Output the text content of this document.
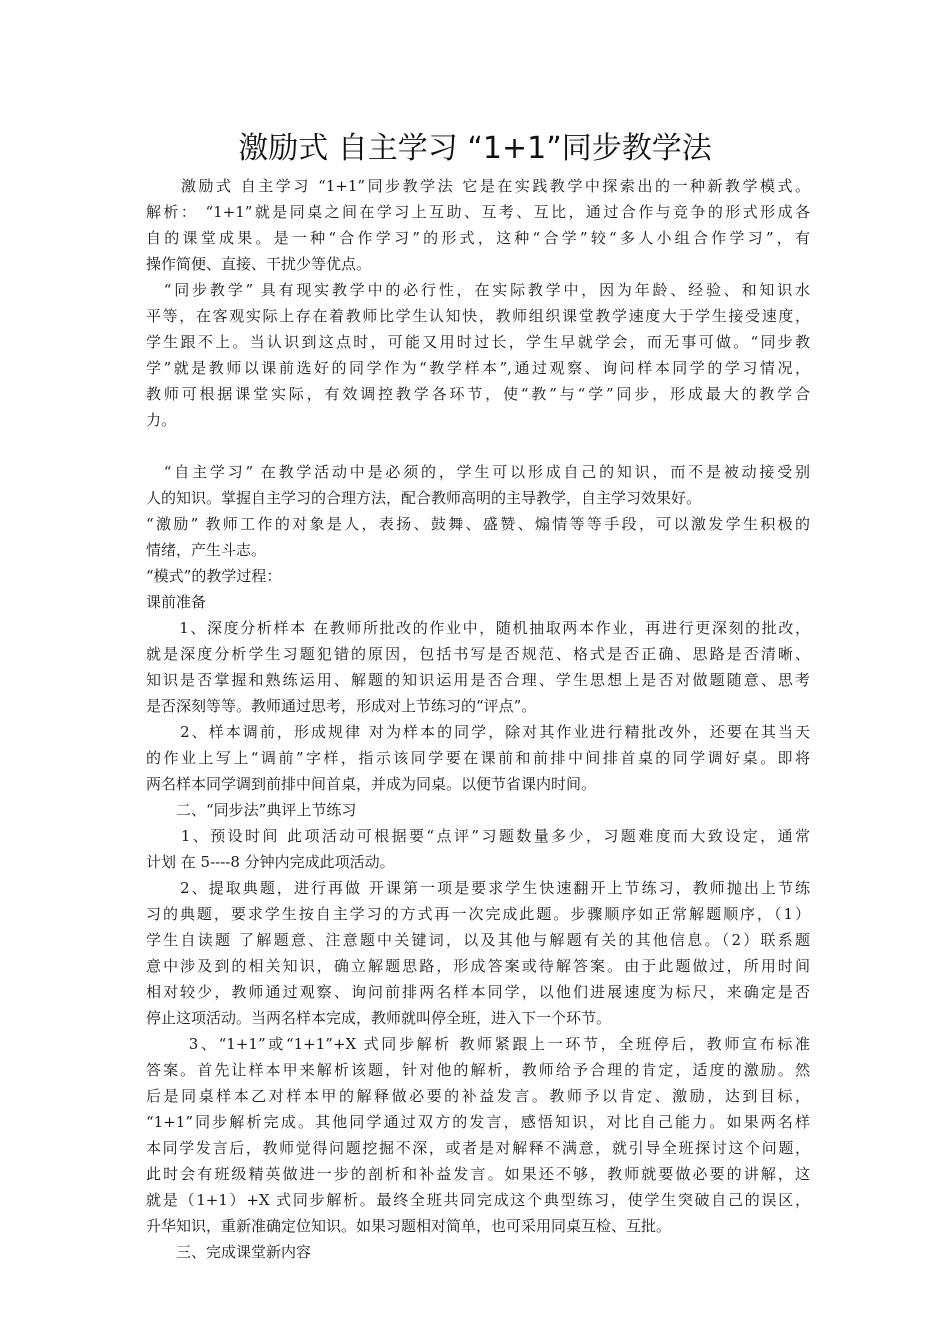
激励式 自主学习 “1+1”同步教学法
　　激励式 自主学习 “1+1”同步教学法 它是在实践教学中探索出的一种新教学模式。
解析： “1+1”就是同桌之间在学习上互助、互考、互比，通过合作与竞争的形式形成各
自的课堂成果。是一种“合作学习”的形式，这种“合学”较“多人小组合作学习”，有
操作简便、直接、干扰少等优点。
　“同步教学” 具有现实教学中的必行性，在实际教学中，因为年龄、经验、和知识水
平等，在客观实际上存在着教师比学生认知快，教师组织课堂教学速度大于学生接受速度，
学生跟不上。当认识到这点时，可能又用时过长，学生早就学会，而无事可做。“同步教
学”就是教师以课前选好的同学作为“教学样本”,通过观察、询问样本同学的学习情况，
教师可根据课堂实际，有效调控教学各环节，使“教”与“学”同步，形成最大的教学合
力。
　“自主学习” 在教学活动中是必须的，学生可以形成自己的知识，而不是被动接受别
人的知识。掌握自主学习的合理方法，配合教师高明的主导教学，自主学习效果好。
“激励” 教师工作的对象是人，表扬、鼓舞、盛赞、煽情等等手段，可以激发学生积极的
情绪，产生斗志。
“模式”的教学过程：
课前准备
　　1、深度分析样本 在教师所批改的作业中，随机抽取两本作业，再进行更深刻的批改，
就是深度分析学生习题犯错的原因，包括书写是否规范、格式是否正确、思路是否清晰、
知识是否掌握和熟练运用、解题的知识运用是否合理、学生思想上是否对做题随意、思考
是否深刻等等。教师通过思考，形成对上节练习的“评点”。
　　2、样本调前，形成规律 对为样本的同学，除对其作业进行精批改外，还要在其当天
的作业上写上“调前”字样，指示该同学要在课前和前排中间排首桌的同学调好桌。即将
两名样本同学调到前排中间首桌，并成为同桌。以便节省课内时间。
　　二、“同步法”典评上节练习
　　1、预设时间 此项活动可根据要“点评”习题数量多少，习题难度而大致设定，通常
计划 在 5----8 分钟内完成此项活动。
　　2、提取典题，进行再做 开课第一项是要求学生快速翻开上节练习，教师抛出上节练
习的典题，要求学生按自主学习的方式再一次完成此题。步骤顺序如正常解题顺序，（1）
学生自读题 了解题意、注意题中关键词，以及其他与解题有关的其他信息。（2）联系题
意中涉及到的相关知识，确立解题思路，形成答案或待解答案。由于此题做过，所用时间
相对较少，教师通过观察、询问前排两名样本同学，以他们进展速度为标尺，来确定是否
停止这项活动。当两名样本完成，教师就叫停全班，进入下一个环节。
　　 3、“1+1”或“1+1”+X 式同步解析 教师紧跟上一环节，全班停后，教师宣布标准
答案。首先让样本甲来解析该题，针对他的解析，教师给予合理的肯定，适度的激励。然
后是同桌样本乙对样本甲的解释做必要的补益发言。教师予以肯定、激励，达到目标，
“1+1”同步解析完成。其他同学通过双方的发言，感悟知识，对比自己能力。如果两名样
本同学发言后，教师觉得问题挖掘不深，或者是对解释不满意，就引导全班探讨这个问题，
此时会有班级精英做进一步的剖析和补益发言。如果还不够，教师就要做必要的讲解，这
就是（1+1）+X 式同步解析。最终全班共同完成这个典型练习，使学生突破自己的误区，
升华知识，重新准确定位知识。如果习题相对简单，也可采用同桌互检、互批。
　　三、完成课堂新内容
